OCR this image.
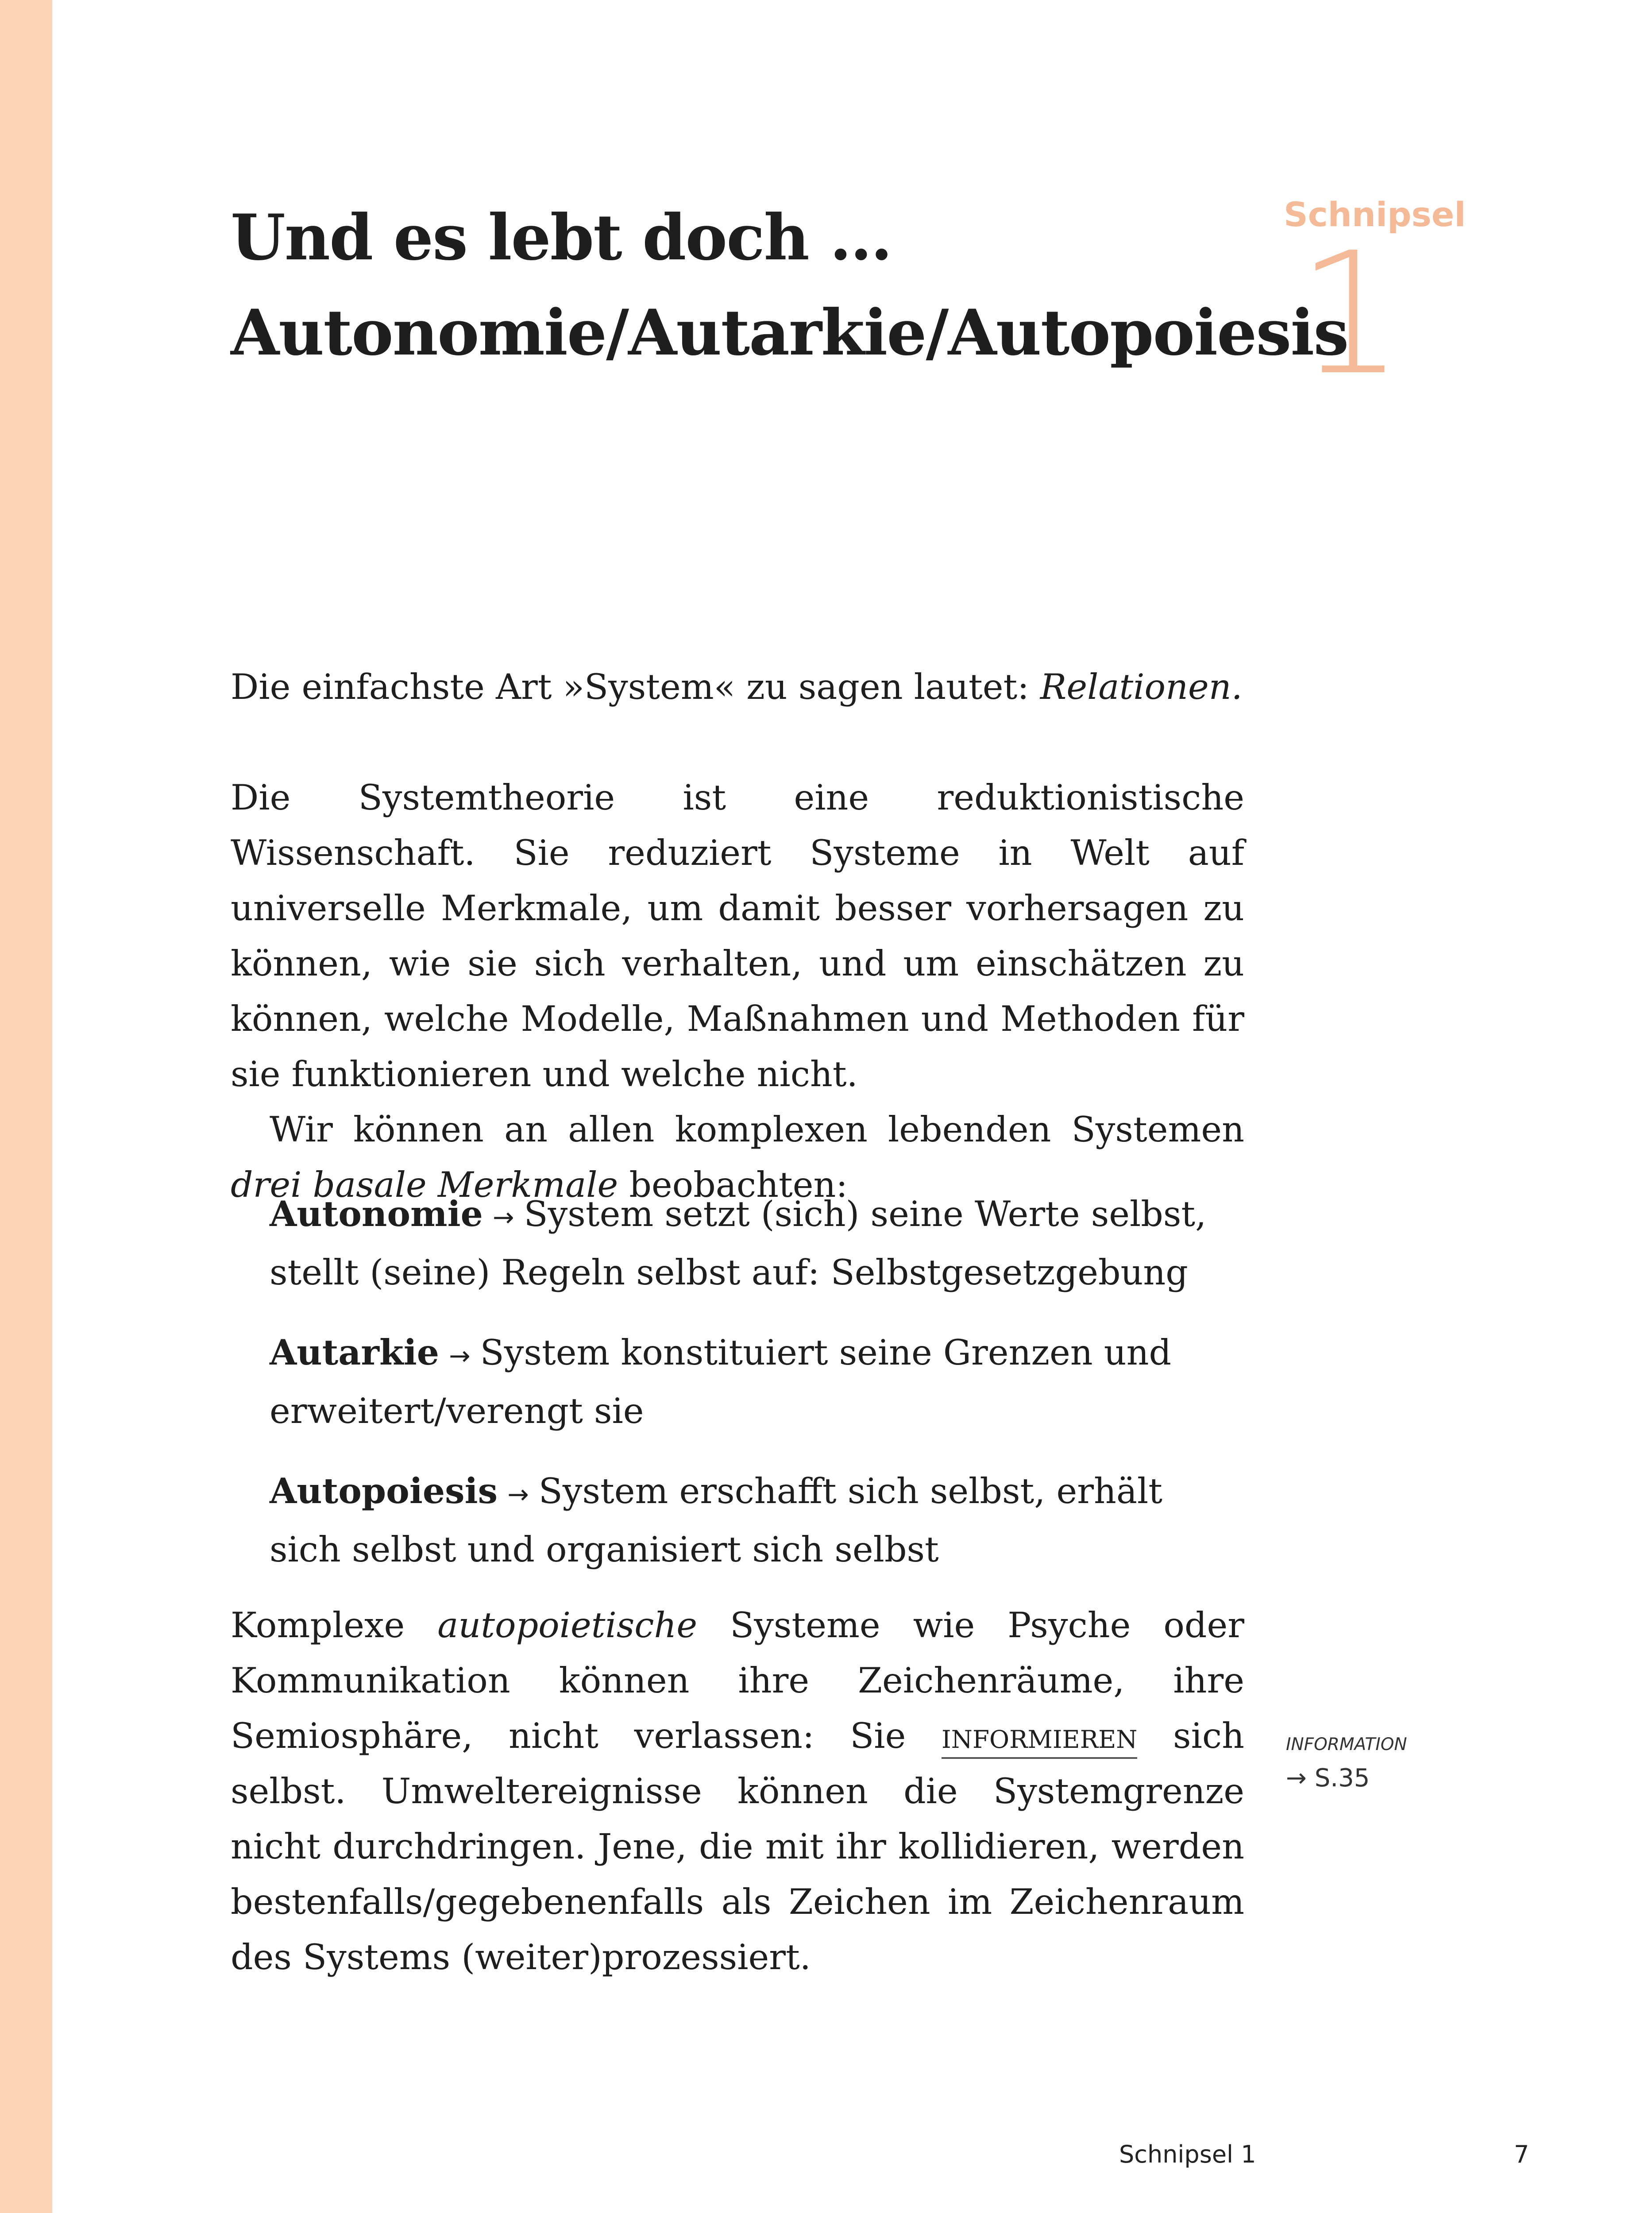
Und es lebt doch …
Autonomie/Autarkie/Autopoiesis
Schnipsel
1
Die einfachste Art »System« zu sagen lautet: Relationen.

Die Systemtheorie ist eine reduktionistische Wissenschaft. Sie reduziert Systeme in Welt auf universelle Merkmale, um damit besser vorhersagen zu können, wie sie sich verhalten, und um einschätzen zu können, welche Modelle, Maßnahmen und Methoden für sie funktionieren und welche nicht.

Wir können an allen komplexen lebenden Systemen drei basale Merkmale beobachten:

Autonomie → System setzt (sich) seine Werte selbst, stellt (seine) Regeln selbst auf: Selbstgesetzgebung
Autarkie → System konstituiert seine Grenzen und erweitert/verengt sie
Autopoiesis → System erschafft sich selbst, erhält sich selbst und organisiert sich selbst
Komplexe autopoietische Systeme wie Psyche oder Kommunikation können ihre Zeichenräume, ihre Semiosphäre, nicht verlassen: Sie informieren sich selbst. Umweltereignisse können die Systemgrenze nicht durchdringen. Jene, die mit ihr kollidieren, werden bestenfalls/gegebenenfalls als Zeichen im Zeichenraum des Systems (weiter)prozessiert.
information
→ S.35
Schnipsel 1	7
